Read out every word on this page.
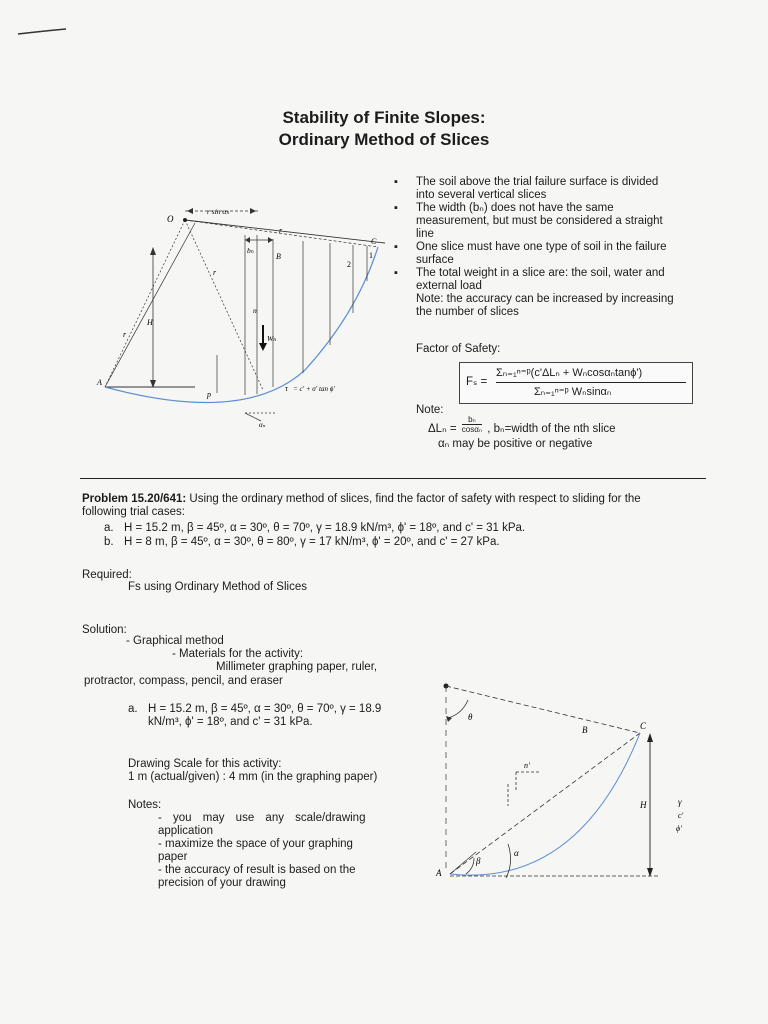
Stability of Finite Slopes:
Ordinary Method of Slices
O
r sin αₙ
C
1
2
bₙ
B
r
r
r
H
n
Wₙ
A
p
τ = c' + σ' tan ϕ'
αₙ
▪ The soil above the trial failure surface is divided
into several vertical slices
▪ The width (bₙ) does not have the same
measurement, but must be considered a straight
line
▪ One slice must have one type of soil in the failure
surface
▪ The total weight in a slice are: the soil, water and
external load
Note: the accuracy can be increased by increasing
the number of slices
Factor of Safety:
Fₛ =
Σₙ₌₁ⁿ⁼ᵖ(c'ΔLₙ + Wₙcosαₙtanϕ')
Σₙ₌₁ⁿ⁼ᵖ Wₙsinαₙ
Note:
$\Delta L_n = \frac{\text{bₙ}}{\text{cosαₙ}}$ , bₙ=width of the nth slice
αₙ may be positive or negative
Problem 15.20/641: Using the ordinary method of slices, find the factor of safety with respect to sliding for the
following trial cases:
a. H = 15.2 m, β = 45º, α = 30º, θ = 70º, γ = 18.9 kN/m³, ϕ' = 18º, and c' = 31 kPa.
b. H = 8 m, β = 45º, α = 30º, θ = 80º, γ = 17 kN/m³, ϕ' = 20º, and c' = 27 kPa.
Required:
Fs using Ordinary Method of Slices
Solution:
- Graphical method
- Materials for the activity:
Millimeter graphing paper, ruler,
protractor, compass, pencil, and eraser
a. H = 15.2 m, β = 45º, α = 30º, θ = 70º, γ = 18.9
kN/m³, ϕ' = 18º, and c' = 31 kPa.
Drawing Scale for this activity:
1 m (actual/given) : 4 mm (in the graphing paper)
Notes:
- you may use any scale/drawing
application
- maximize the space of your graphing
paper
- the accuracy of result is based on the
precision of your drawing
θ
B	C
n'
H	γ
c'
ϕ'
α
β
A
